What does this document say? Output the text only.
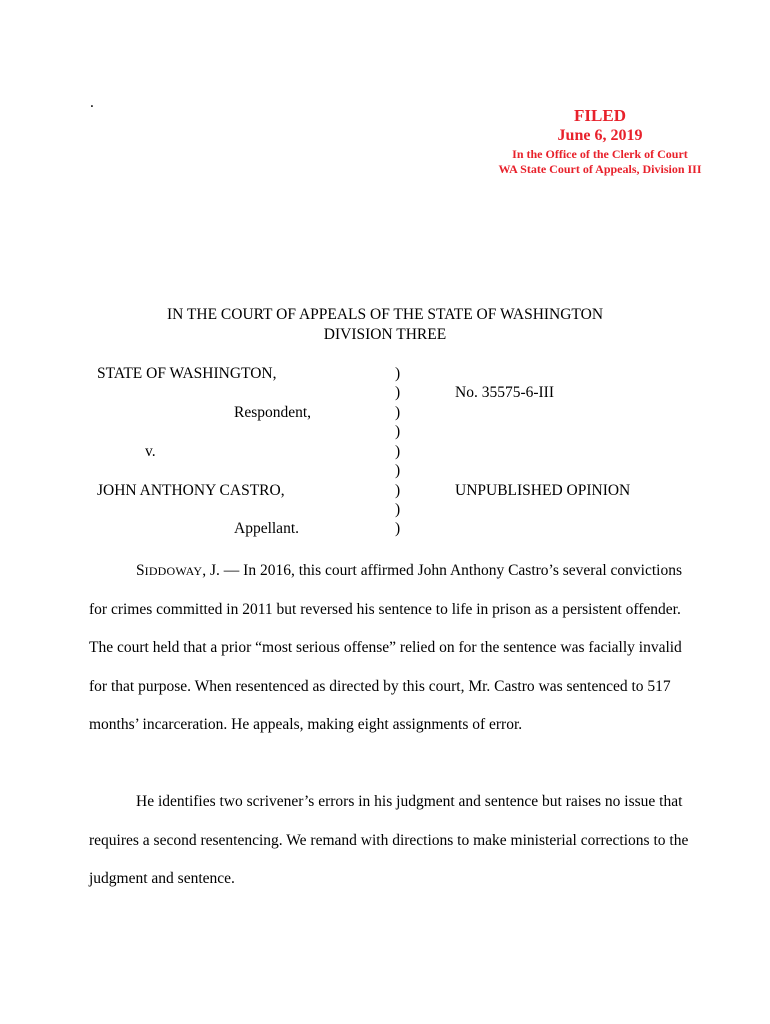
.
FILED
June 6, 2019
In the Office of the Clerk of Court
WA State Court of Appeals, Division III
IN THE COURT OF APPEALS OF THE STATE OF WASHINGTON
DIVISION THREE
STATE OF WASHINGTON,
Respondent,
v.
JOHN ANTHONY CASTRO,
Appellant.
)
)
)
)
)
)
)
)
)
No. 35575-6-III
UNPUBLISHED OPINION
SIDDOWAY, J. — In 2016, this court affirmed John Anthony Castro’s several convictions for crimes committed in 2011 but reversed his sentence to life in prison as a persistent offender. The court held that a prior “most serious offense” relied on for the sentence was facially invalid for that purpose. When resentenced as directed by this court, Mr. Castro was sentenced to 517 months’ incarceration. He appeals, making eight assignments of error.
He identifies two scrivener’s errors in his judgment and sentence but raises no issue that requires a second resentencing. We remand with directions to make ministerial corrections to the judgment and sentence.
